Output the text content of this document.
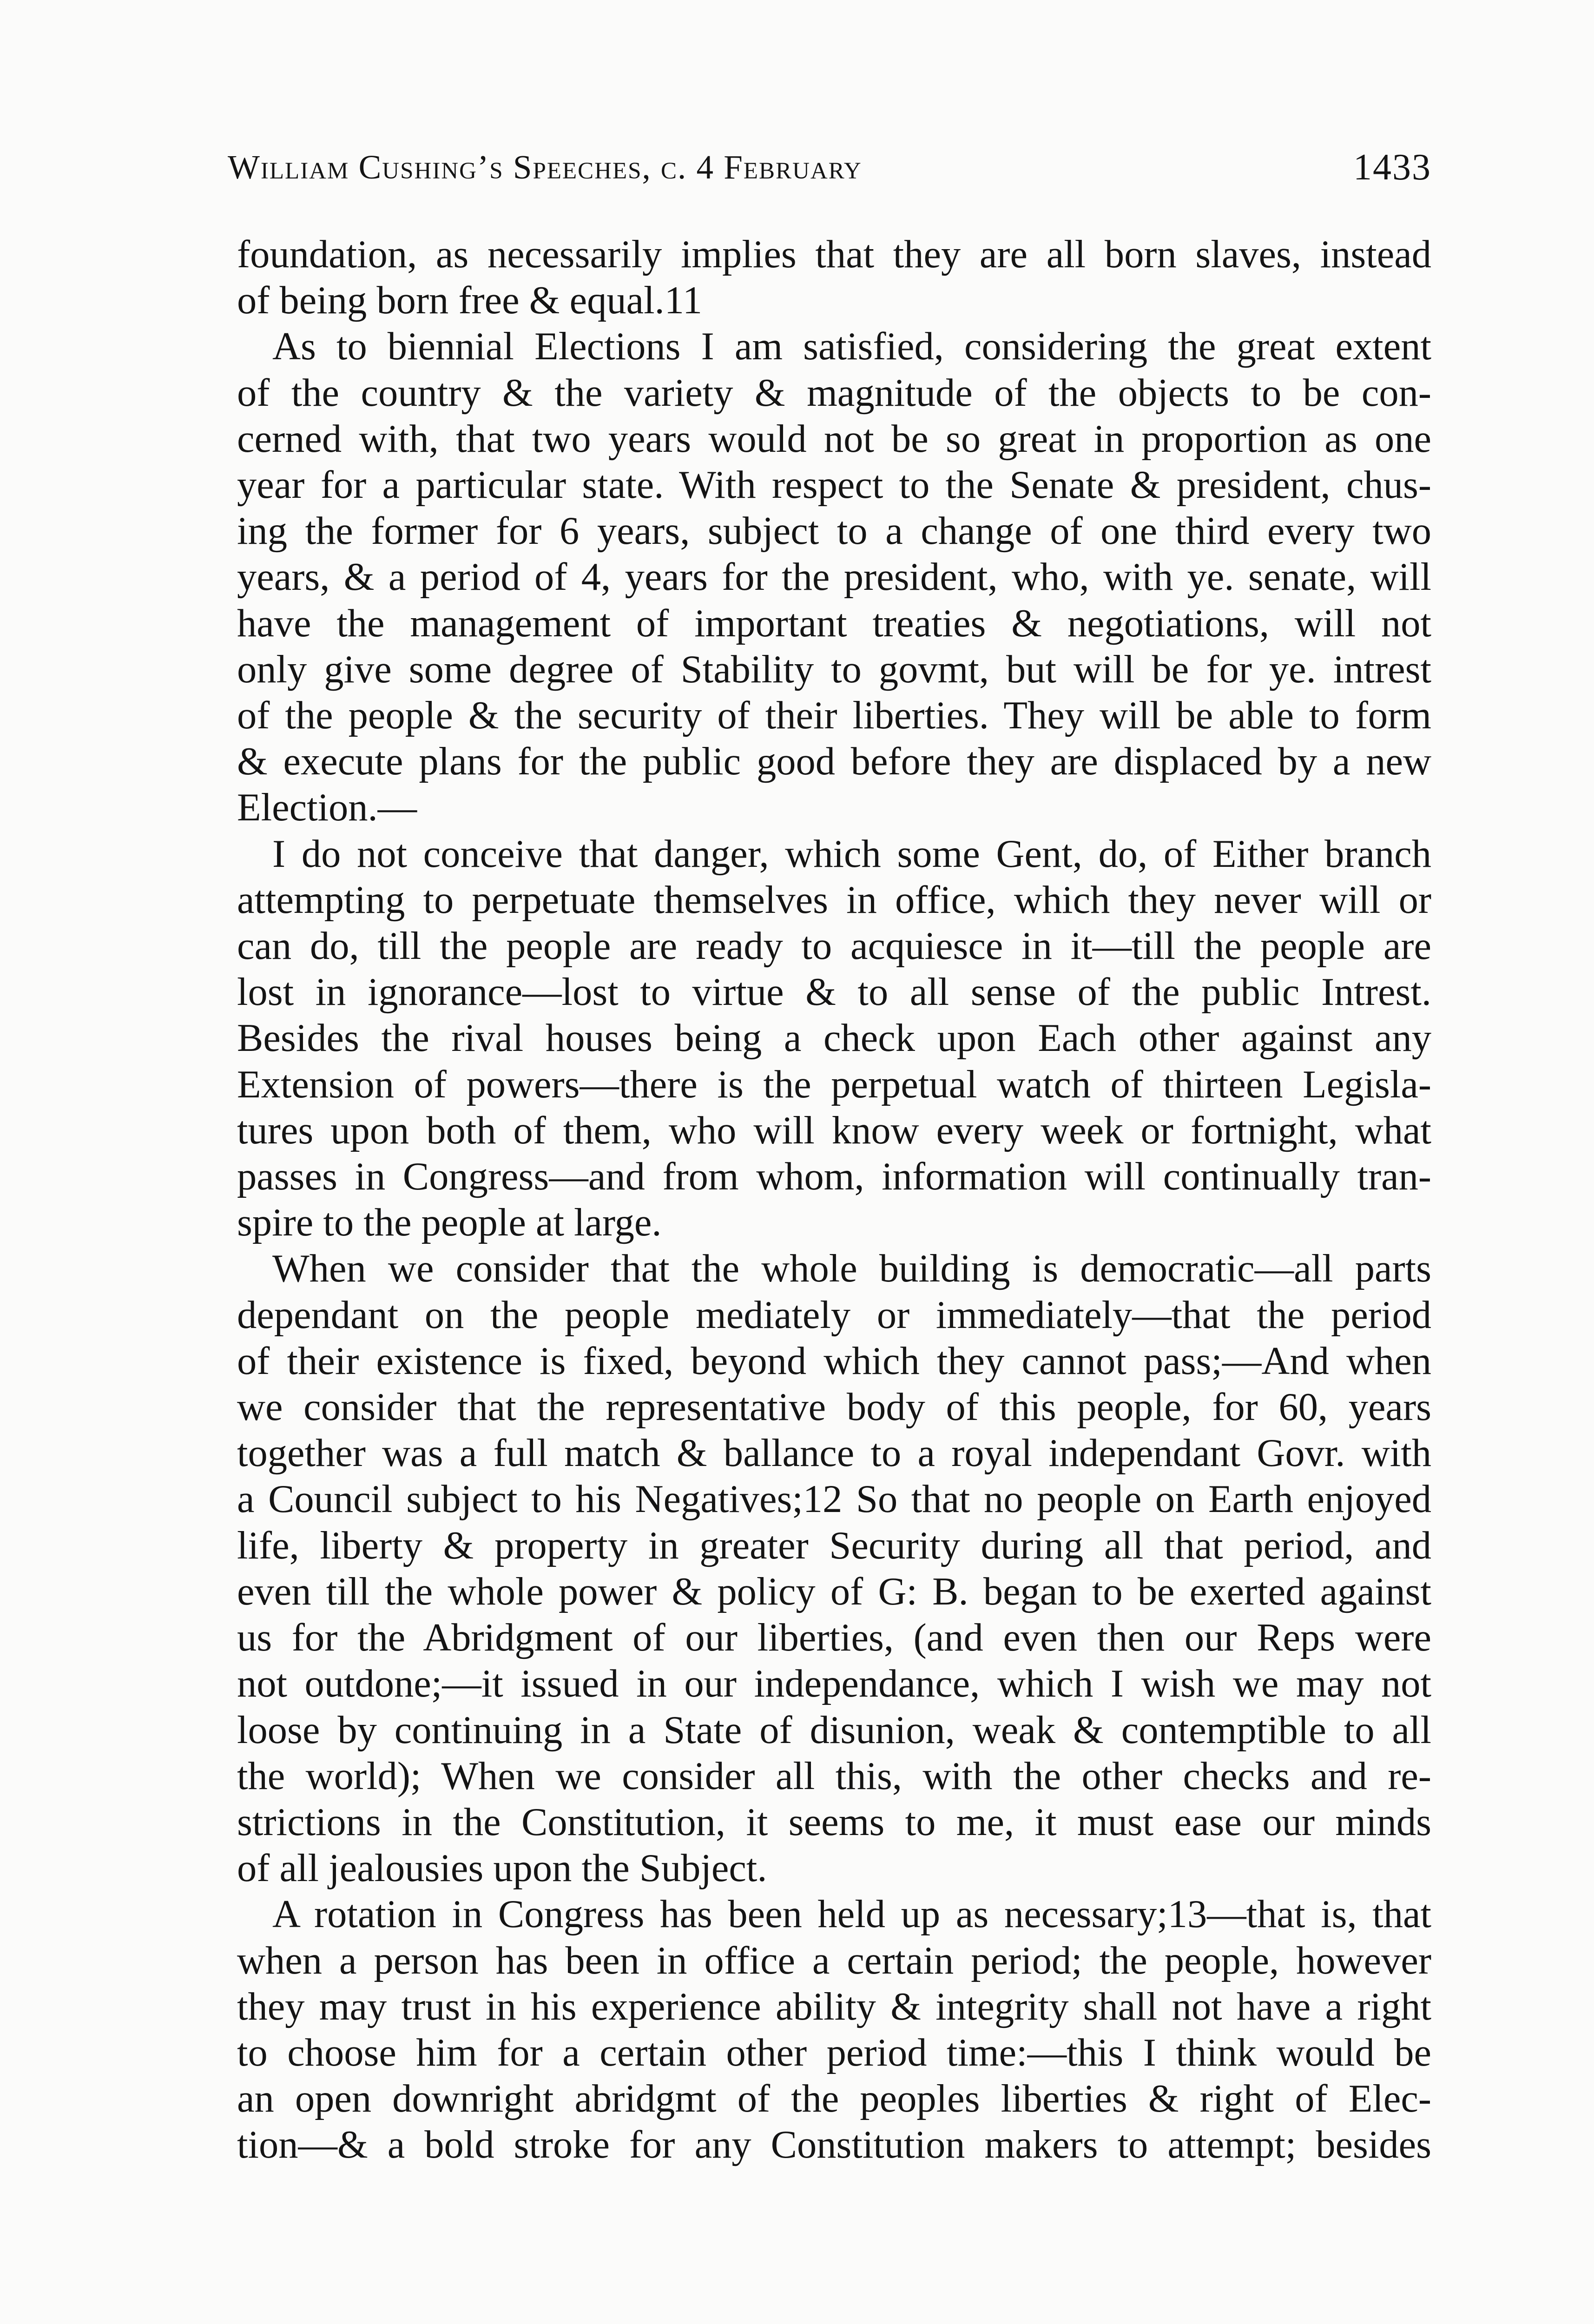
William Cushing’s Speeches, c. 4 February	1433
foundation, as necessarily implies that they are all born slaves, instead
of being born free & equal.11
As to biennial Elections I am satisfied, considering the great extent
of the country & the variety & magnitude of the objects to be con-
cerned with, that two years would not be so great in proportion as one
year for a particular state. With respect to the Senate & president, chus-
ing the former for 6 years, subject to a change of one third every two
years, & a period of 4, years for the president, who, with ye. senate, will
have the management of important treaties & negotiations, will not
only give some degree of Stability to govmt, but will be for ye. intrest
of the people & the security of their liberties. They will be able to form
& execute plans for the public good before they are displaced by a new
Election.—
I do not conceive that danger, which some Gent, do, of Either branch
attempting to perpetuate themselves in office, which they never will or
can do, till the people are ready to acquiesce in it—till the people are
lost in ignorance—lost to virtue & to all sense of the public Intrest.
Besides the rival houses being a check upon Each other against any
Extension of powers—there is the perpetual watch of thirteen Legisla-
tures upon both of them, who will know every week or fortnight, what
passes in Congress—and from whom, information will continually tran-
spire to the people at large.
When we consider that the whole building is democratic—all parts
dependant on the people mediately or immediately—that the period
of their existence is fixed, beyond which they cannot pass;—And when
we consider that the representative body of this people, for 60, years
together was a full match & ballance to a royal independant Govr. with
a Council subject to his Negatives;12 So that no people on Earth enjoyed
life, liberty & property in greater Security during all that period, and
even till the whole power & policy of G: B. began to be exerted against
us for the Abridgment of our liberties, (and even then our Reps were
not outdone;—it issued in our independance, which I wish we may not
loose by continuing in a State of disunion, weak & contemptible to all
the world); When we consider all this, with the other checks and re-
strictions in the Constitution, it seems to me, it must ease our minds
of all jealousies upon the Subject.
A rotation in Congress has been held up as necessary;13—that is, that
when a person has been in office a certain period; the people, however
they may trust in his experience ability & integrity shall not have a right
to choose him for a certain other period time:—this I think would be
an open downright abridgmt of the peoples liberties & right of Elec-
tion—& a bold stroke for any Constitution makers to attempt; besides
